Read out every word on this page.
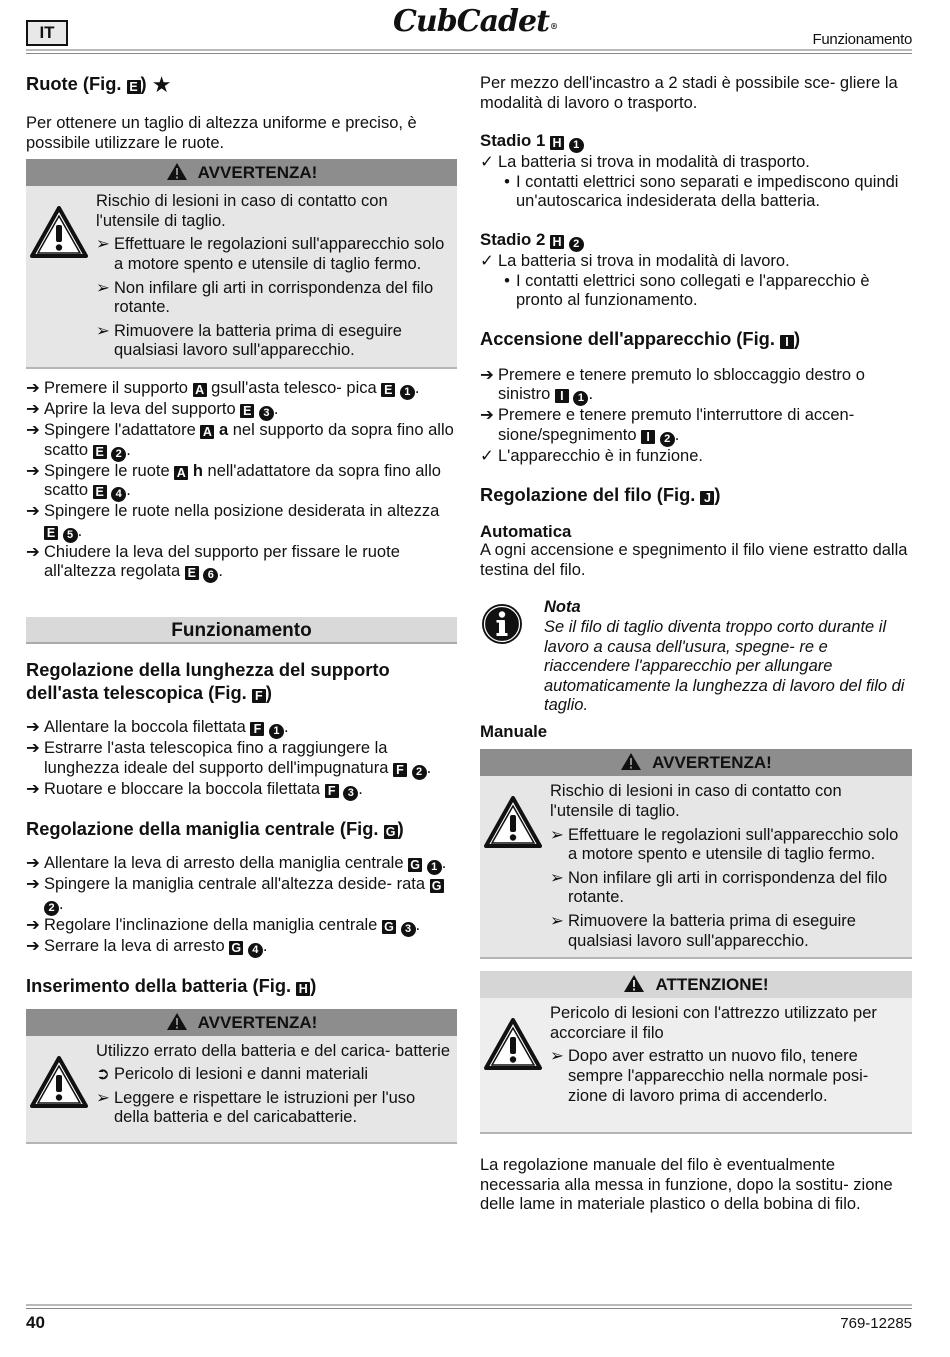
IT	CubCadet®
Funzionamento
Ruote (Fig. E ) ★

Per ottenere un taglio di altezza uniforme e preciso, è possibile utilizzare le ruote.

AVVERTENZA!

Rischio di lesioni in caso di contatto con l'utensile di taglio.

➢ Effettuare le regolazioni sull'apparecchio solo a motore spento e utensile di taglio fermo.
➢ Non infilare gli arti in corrispondenza del filo rotante.
➢ Rimuovere la batteria prima di eseguire qualsiasi lavoro sull'apparecchio.
➔ Premere il supporto A gsull'asta telesco- pica E 1 .
➔ Aprire la leva del supporto E 3 .
➔ Spingere l'adattatore A a nel supporto da sopra fino allo scatto E 2 .
➔ Spingere le ruote A h nell'adattatore da sopra fino allo scatto E 4 .
➔ Spingere le ruote nella posizione desiderata in altezza E 5 .
➔ Chiudere la leva del supporto per fissare le ruote all'altezza regolata E 6 .
Funzionamento
Regolazione della lunghezza del supporto dell'asta telescopica (Fig. F )
➔ Allentare la boccola filettata F 1 .
➔ Estrarre l'asta telescopica fino a raggiungere la lunghezza ideale del supporto dell'impugnatura F 2 .
➔ Ruotare e bloccare la boccola filettata F 3 .
Regolazione della maniglia centrale (Fig. G )
➔ Allentare la leva di arresto della maniglia centrale G 1 .
➔ Spingere la maniglia centrale all'altezza deside- rata G 2 .
➔ Regolare l'inclinazione della maniglia centrale G 3 .
➔ Serrare la leva di arresto G 4 .
Inserimento della batteria (Fig. H )
AVVERTENZA!

Utilizzo errato della batteria e del carica- batterie

➲ Pericolo di lesioni e danni materiali
➢ Leggere e rispettare le istruzioni per l'uso della batteria e del caricabatterie.

Per mezzo dell'incastro a 2 stadi è possibile sce- gliere la modalità di lavoro o trasporto.

Stadio 1 H 1
✓ La batteria si trova in modalità di trasporto.
• I contatti elettrici sono separati e impediscono quindi un'autoscarica indesiderata della batteria.
Stadio 2 H 2
✓ La batteria si trova in modalità di lavoro.
• I contatti elettrici sono collegati e l'apparecchio è pronto al funzionamento.
Accensione dell'apparecchio (Fig. I )
➔ Premere e tenere premuto lo sbloccaggio destro o sinistro I 1 .
➔ Premere e tenere premuto l'interruttore di accen- sione/spegnimento I 2 .
✓ L'apparecchio è in funzione.
Regolazione del filo (Fig. J )
Automatica

A ogni accensione e spegnimento il filo viene estratto dalla testina del filo.

Nota
Se il filo di taglio diventa troppo corto durante il lavoro a causa dell'usura, spegne- re e riaccendere l'apparecchio per allungare automaticamente la lunghezza di lavoro del filo di taglio.
Manuale
AVVERTENZA!

Rischio di lesioni in caso di contatto con l'utensile di taglio.

➢ Effettuare le regolazioni sull'apparecchio solo a motore spento e utensile di taglio fermo.
➢ Non infilare gli arti in corrispondenza del filo rotante.
➢ Rimuovere la batteria prima di eseguire qualsiasi lavoro sull'apparecchio.
ATTENZIONE!

Pericolo di lesioni con l'attrezzo utilizzato per accorciare il filo

➢ Dopo aver estratto un nuovo filo, tenere sempre l'apparecchio nella normale posi- zione di lavoro prima di accenderlo.

La regolazione manuale del filo è eventualmente necessaria alla messa in funzione, dopo la sostitu- zione delle lame in materiale plastico o della bobina di filo.

40	769-12285
